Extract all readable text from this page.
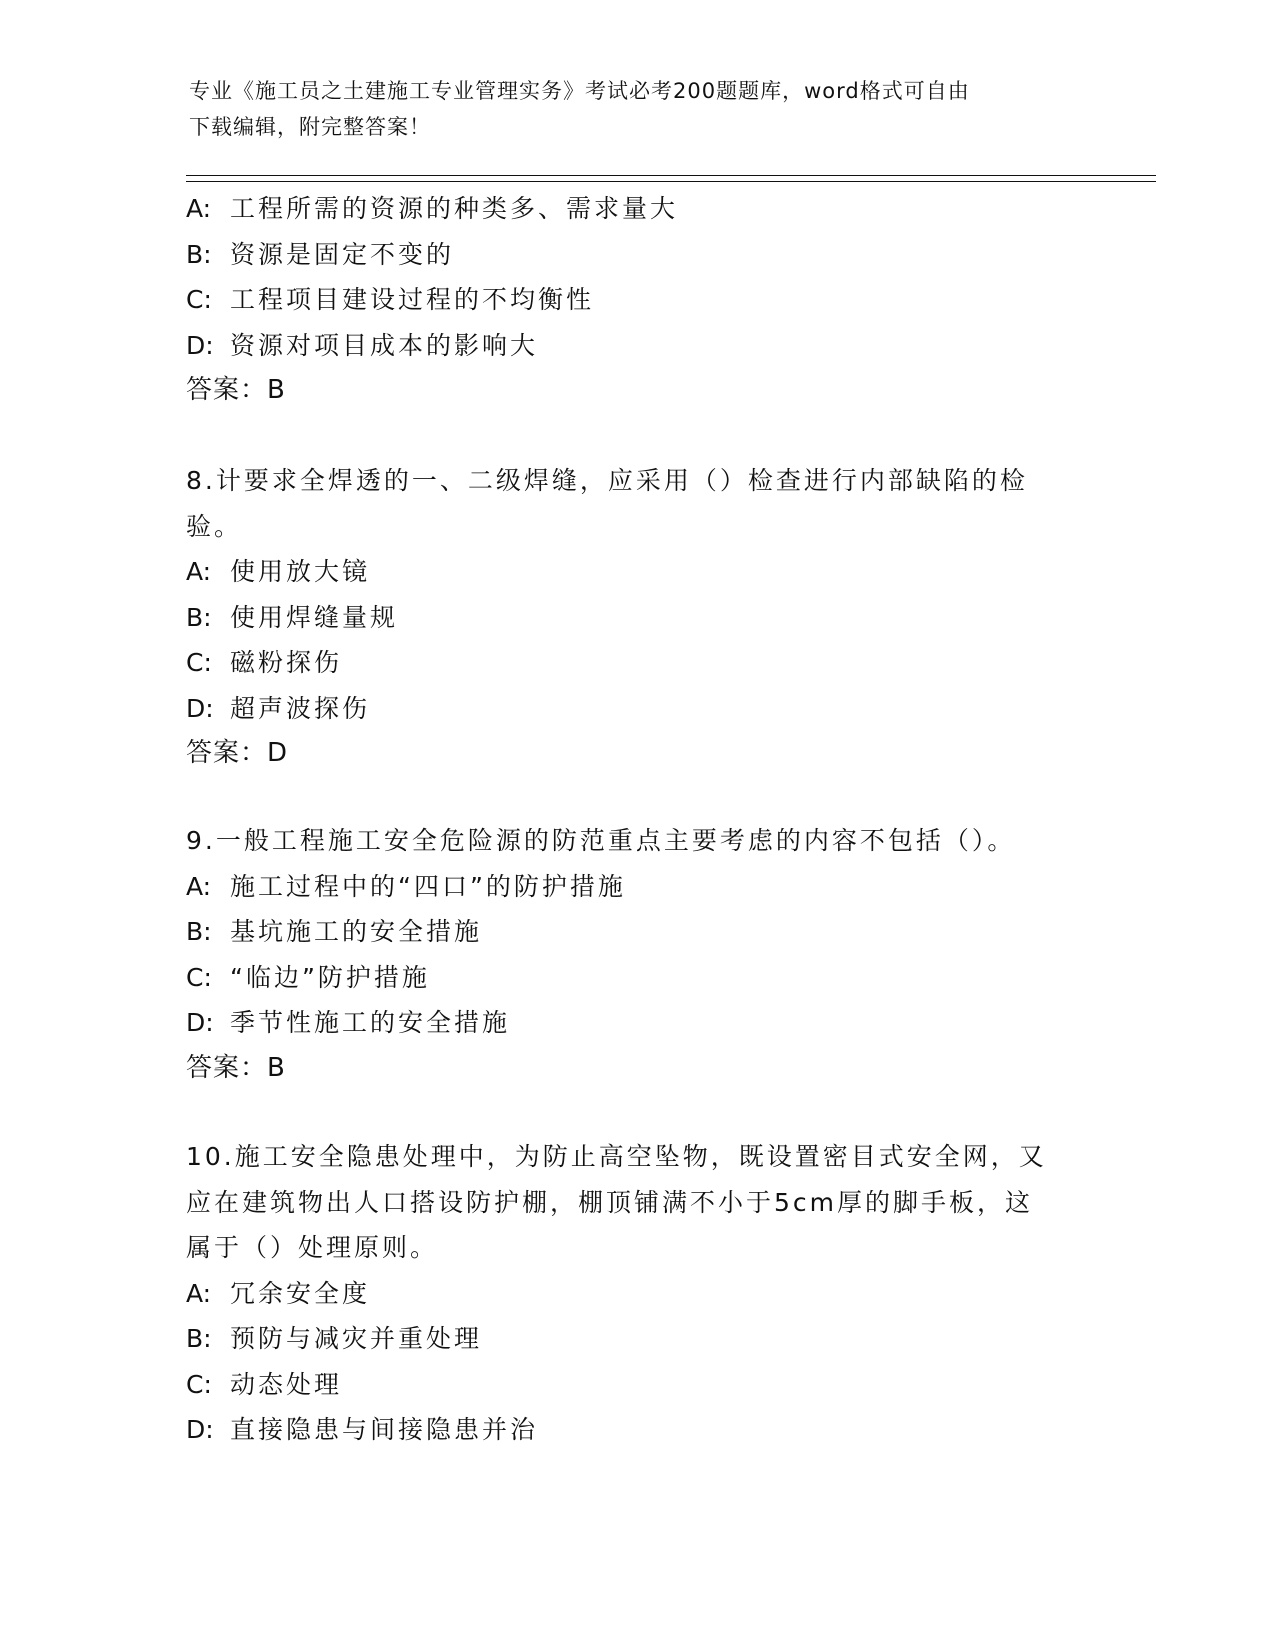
专业《施工员之土建施工专业管理实务》考试必考200题题库，word格式可自由
下载编辑，附完整答案！
A: 工程所需的资源的种类多、需求量大
B: 资源是固定不变的
C: 工程项目建设过程的不均衡性
D: 资源对项目成本的影响大
答案：B
8.计要求全焊透的一、二级焊缝，应采用（）检查进行内部缺陷的检
验。
A: 使用放大镜
B: 使用焊缝量规
C: 磁粉探伤
D: 超声波探伤
答案：D
9.一般工程施工安全危险源的防范重点主要考虑的内容不包括（）。
A: 施工过程中的“四口”的防护措施
B: 基坑施工的安全措施
C: “临边”防护措施
D: 季节性施工的安全措施
答案：B
10.施工安全隐患处理中，为防止高空坠物，既设置密目式安全网，又
应在建筑物出人口搭设防护棚，棚顶铺满不小于5cm厚的脚手板，这
属于（）处理原则。
A: 冗余安全度
B: 预防与减灾并重处理
C: 动态处理
D: 直接隐患与间接隐患并治
